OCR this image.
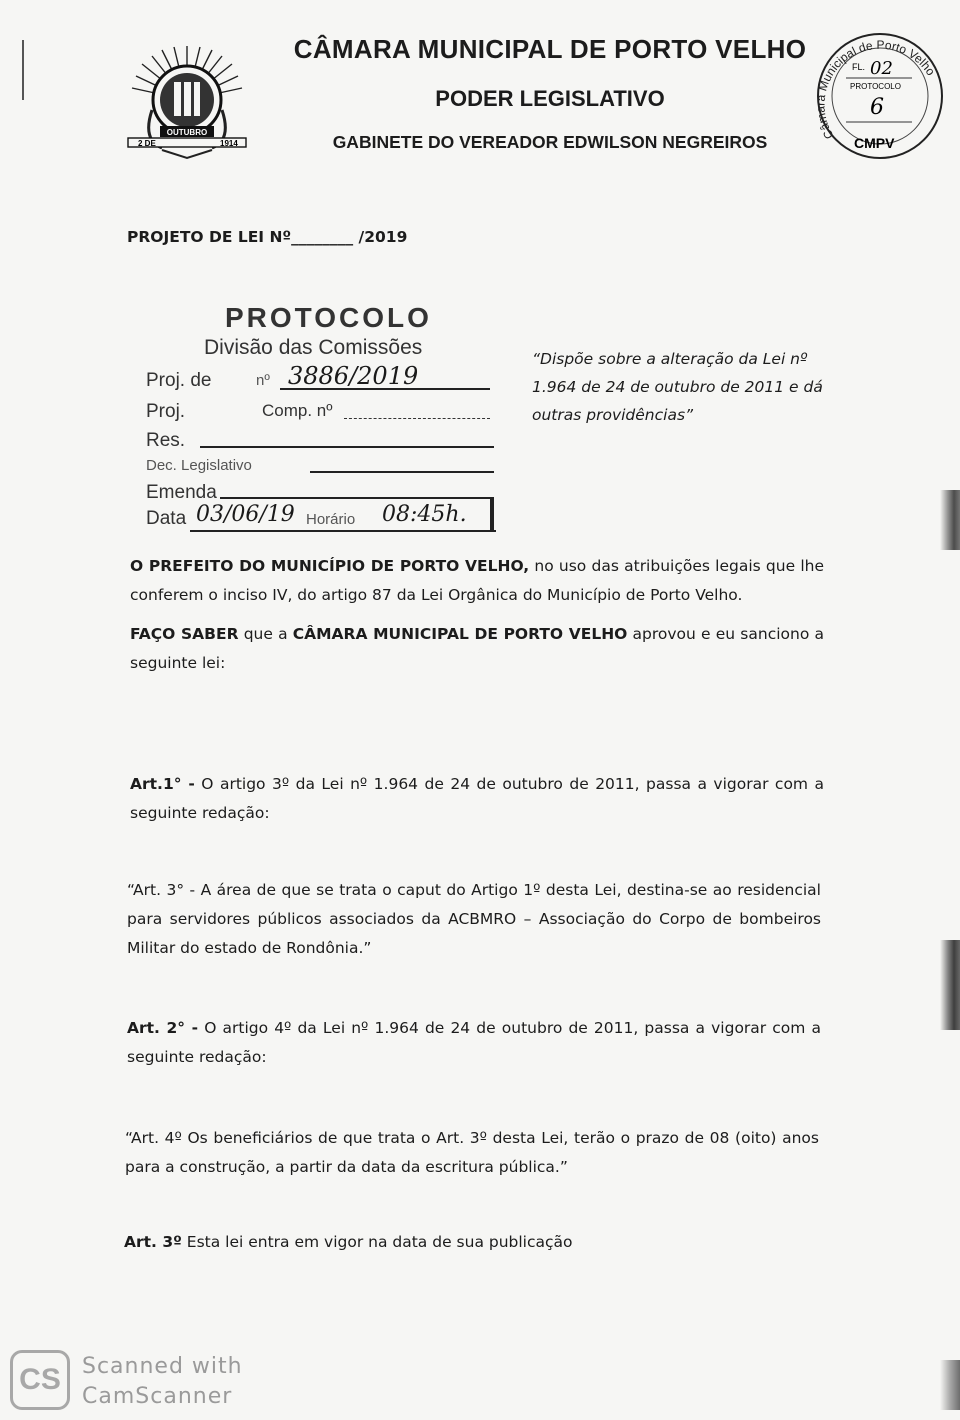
OUTUBRO
2 DE	1914
CÂMARA MUNICIPAL DE PORTO VELHO
PODER LEGISLATIVO
GABINETE DO VEREADOR EDWILSON NEGREIROS	Câmara Municipal de Porto Velho
FL. 02
PROTOCOLO
6
CMPV
PROJETO DE LEI Nº________ /2019
PROTOCOLO
Divisão das Comissões
Proj. de	nº 3886/2019
Proj.	Comp. nº
Res.
Dec. Legislativo
Emenda
Data 03/06/19 Horário 08:45h.
“Dispõe sobre a alteração da Lei nº 1.964 de 24 de outubro de 2011 e dá outras providências”
O PREFEITO DO MUNICÍPIO DE PORTO VELHO, no uso das atribuições legais que lhe conferem o inciso IV, do artigo 87 da Lei Orgânica do Município de Porto Velho.
FAÇO SABER que a CÂMARA MUNICIPAL DE PORTO VELHO aprovou e eu sanciono a seguinte lei:
Art.1° - O artigo 3º da Lei nº 1.964 de 24 de outubro de 2011, passa a vigorar com a seguinte redação:
“Art. 3° - A área de que se trata o caput do Artigo 1º desta Lei, destina-se ao residencial para servidores públicos associados da ACBMRO – Associação do Corpo de bombeiros Militar do estado de Rondônia.”
Art. 2° - O artigo 4º da Lei nº 1.964 de 24 de outubro de 2011, passa a vigorar com a seguinte redação:
“Art. 4º Os beneficiários de que trata o Art. 3º desta Lei, terão o prazo de 08 (oito) anos para a construção, a partir da data da escritura pública.”
Art. 3º Esta lei entra em vigor na data de sua publicação
CS Scanned with
CamScanner
